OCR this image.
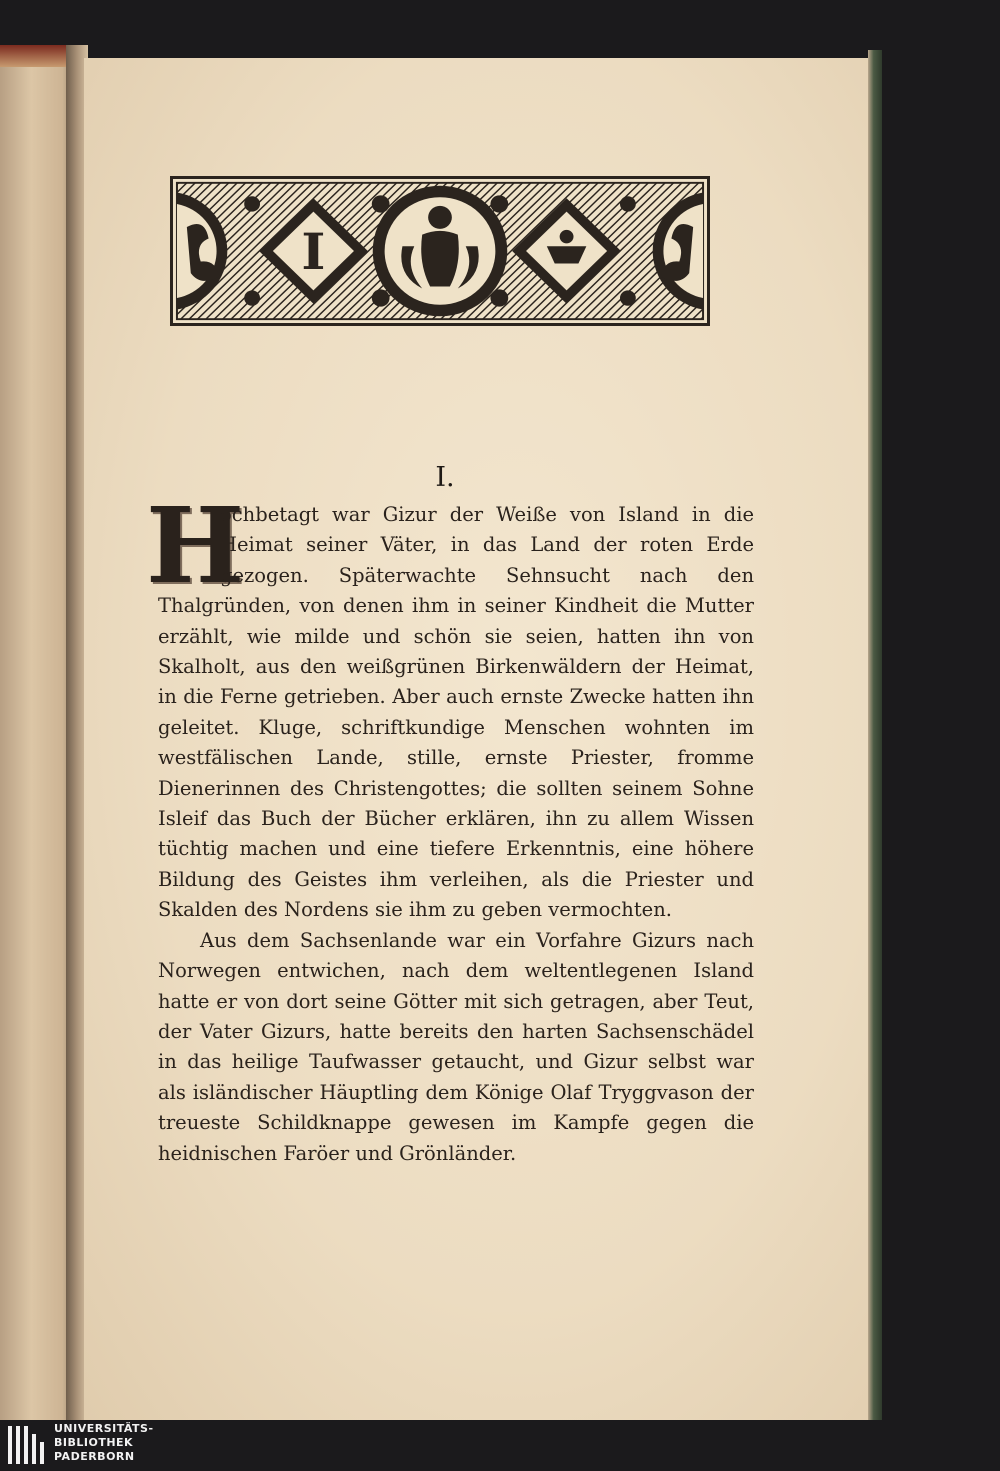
I
I.
H

ochbetagt war Gizur der Weiße von Island in die Heimat seiner Väter, in das Land der roten Erde gezogen. Späterwachte Sehnsucht nach den Thalgründen, von denen ihm in seiner Kindheit die Mutter erzählt, wie milde und schön sie seien, hatten ihn von Skalholt, aus den weißgrünen Birkenwäldern der Heimat, in die Ferne getrieben. Aber auch ernste Zwecke hatten ihn geleitet. Kluge, schriftkundige Menschen wohnten im westfälischen Lande, stille, ernste Priester, fromme Dienerinnen des Christengottes; die sollten seinem Sohne Isleif das Buch der Bücher erklären, ihn zu allem Wissen tüchtig machen und eine tiefere Erkenntnis, eine höhere Bildung des Geistes ihm verleihen, als die Priester und Skalden des Nordens sie ihm zu geben vermochten.

Aus dem Sachsenlande war ein Vorfahre Gizurs nach Norwegen entwichen, nach dem weltentlegenen Island hatte er von dort seine Götter mit sich getragen, aber Teut, der Vater Gizurs, hatte bereits den harten Sachsenschädel in das heilige Taufwasser getaucht, und Gizur selbst war als isländischer Häuptling dem Könige Olaf Tryggvason der treueste Schildknappe gewesen im Kampfe gegen die heidnischen Faröer und Grönländer.

UNIVERSITÄTS-
BIBLIOTHEK
PADERBORN
